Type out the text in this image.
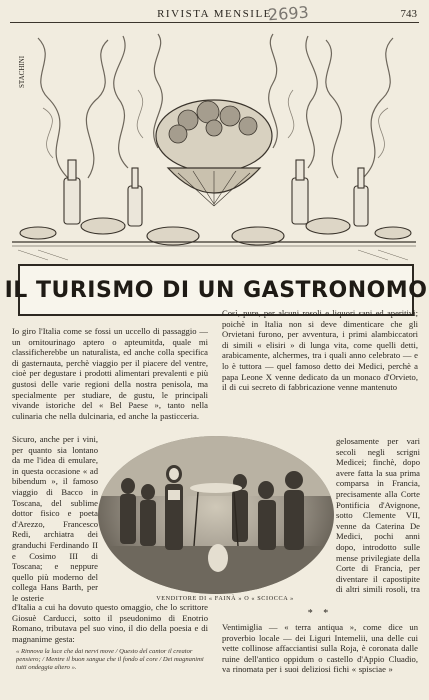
RIVISTA MENSILE
2693	743
STACHINI
IL TURISMO DI UN GASTRONOMO
Io giro l'Italia come se fossi un uccello di passaggio — un ornitourinago aptero o apteumitda, quale mi classificherebbe un naturalista, ed anche colla specifica di gasternauta, perchè viaggio per il piacere del ventre, cioè per degustare i prodotti alimentari prevalenti e più gustosi delle varie regioni della nostra penisola, ma specialmente per studiare, de gustu, le principali vivande istoriche del « Bel Paese », tanto nella culinaria che nella dulcinaria, ed anche la pasticceria.
Sicuro, anche per i vini, per quanto sia lontano da me l'idea di emulare, in questa occasione « ad bibendum », il famoso viaggio di Bacco in Toscana, del sublime dottor fisico e poeta d'Arezzo, Francesco Redi, archiatra dei granduchi Ferdinando II e Cosimo III di Toscana; e neppure quello più moderno del collega Hans Barth, per le osterie
d'Italia a cui ha dovuto questo omaggio, che lo scrittore Giosuè Carducci, sotto il pseudonimo di Enotrio Romano, tributava pel suo vino, il dio della poesia e di magnanime gesta:
« Rinnova la luce che dai nervi move / Questo del cantor il creator pensiero; / Mentre il buon sangue che il fondo al core / Dei magnanimi tutti ondeggia altero ».
Così, pure, per alcuni rosoli e liquori sani ed aperitivi; poichè in Italia non si deve dimenticare che gli Orvietani furono, per avventura, i primi alambiccatori di simili « elisiri » di lunga vita, come quelli detti, arabicamente, alchermes, tra i quali anno celebrato — e lo è tuttora — quel famoso detto dei Medici, perchè a papa Leone X venne dedicato da un monaco d'Orvieto, il di cui secreto di fabbricazione venne mantenuto
gelosamente per vari secoli negli scrigni Medicei; finchè, dopo avere fatta la sua prima comparsa in Francia, precisamente alla Corte Pontificia d'Avignone, sotto Clemente VII, venne da Caterina De Medici, pochi anni dopo, introdotto sulle mense privilegiate della Corte di Francia, per diventare il capostipite di altri simili rosoli, tra
* *
Ventimiglia — « terra antiqua », come dice un proverbio locale — dei Liguri Intemelii, una delle cui vette collinose affacciantisi sulla Roja, è coronata dalle ruine dell'antico oppidum o castello d'Appio Cluadio, va rinomata per i suoi deliziosi fichi « spisciae »
VENDITORE DI « FAINÀ » O « SCIOCCA »
